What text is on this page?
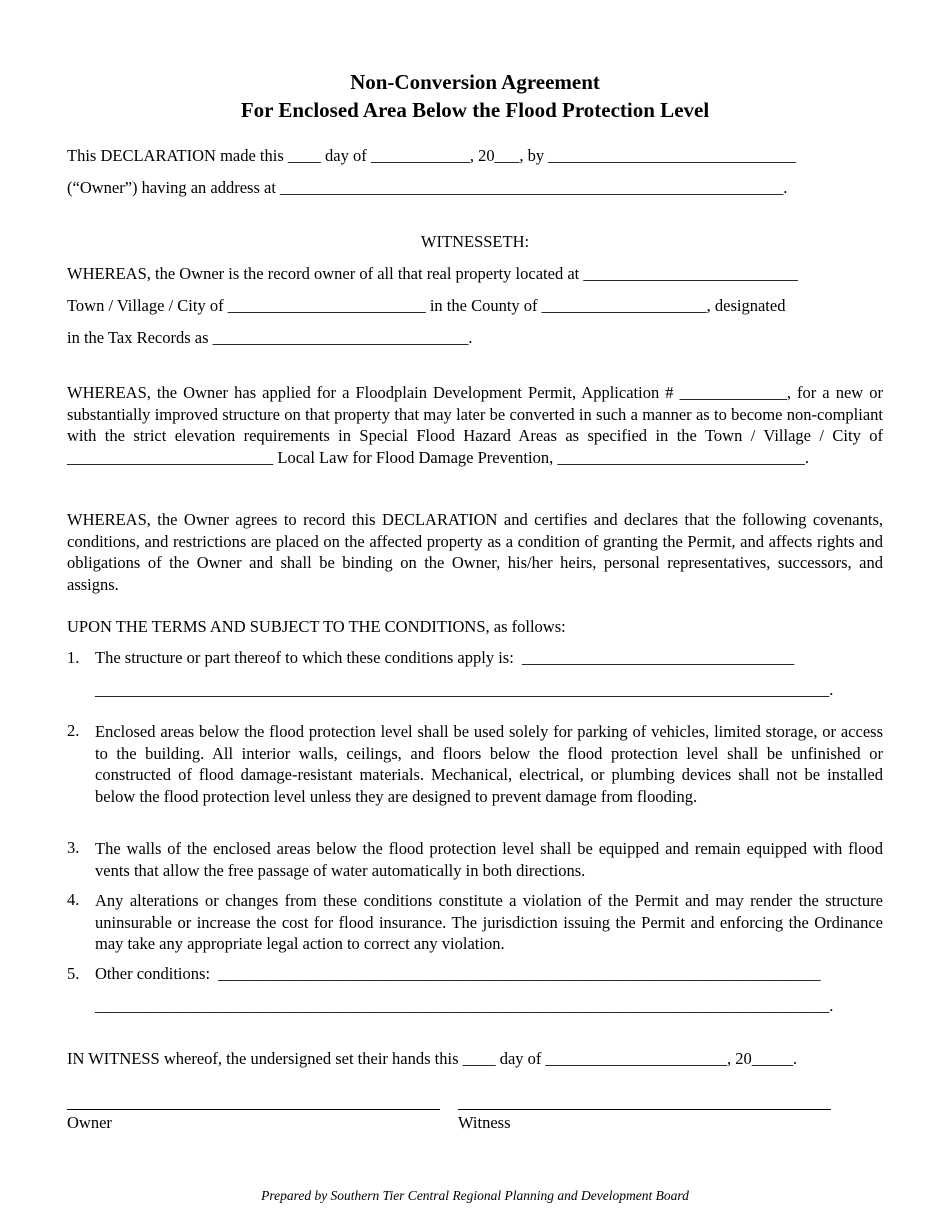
Non-Conversion Agreement
For Enclosed Area Below the Flood Protection Level
This DECLARATION made this ____ day of ____________, 20___, by ______________________________
(“Owner”) having an address at _____________________________________________________________.
WITNESSETH:
WHEREAS, the Owner is the record owner of all that real property located at __________________________
Town / Village / City of ________________________ in the County of ____________________, designated
in the Tax Records as _______________________________.
WHEREAS, the Owner has applied for a Floodplain Development Permit, Application # _____________, for a new or substantially improved structure on that property that may later be converted in such a manner as to become non-compliant with the strict elevation requirements in Special Flood Hazard Areas as specified in the Town / Village / City of _________________________ Local Law for Flood Damage Prevention, ______________________________.
WHEREAS, the Owner agrees to record this DECLARATION and certifies and declares that the following covenants, conditions, and restrictions are placed on the affected property as a condition of granting the Permit, and affects rights and obligations of the Owner and shall be binding on the Owner, his/her heirs, personal representatives, successors, and assigns.
UPON THE TERMS AND SUBJECT TO THE CONDITIONS, as follows:
1. The structure or part thereof to which these conditions apply is:  _________________________________
_________________________________________________________________________________________.
2. Enclosed areas below the flood protection level shall be used solely for parking of vehicles, limited storage, or access to the building. All interior walls, ceilings, and floors below the flood protection level shall be unfinished or constructed of flood damage-resistant materials. Mechanical, electrical, or plumbing devices shall not be installed below the flood protection level unless they are designed to prevent damage from flooding.
3. The walls of the enclosed areas below the flood protection level shall be equipped and remain equipped with flood vents that allow the free passage of water automatically in both directions.
4. Any alterations or changes from these conditions constitute a violation of the Permit and may render the structure uninsurable or increase the cost for flood insurance. The jurisdiction issuing the Permit and enforcing the Ordinance may take any appropriate legal action to correct any violation.
5. Other conditions:  _________________________________________________________________________
_________________________________________________________________________________________.
IN WITNESS whereof, the undersigned set their hands this ____ day of ______________________, 20_____.
Owner	Witness
Prepared by Southern Tier Central Regional Planning and Development Board
